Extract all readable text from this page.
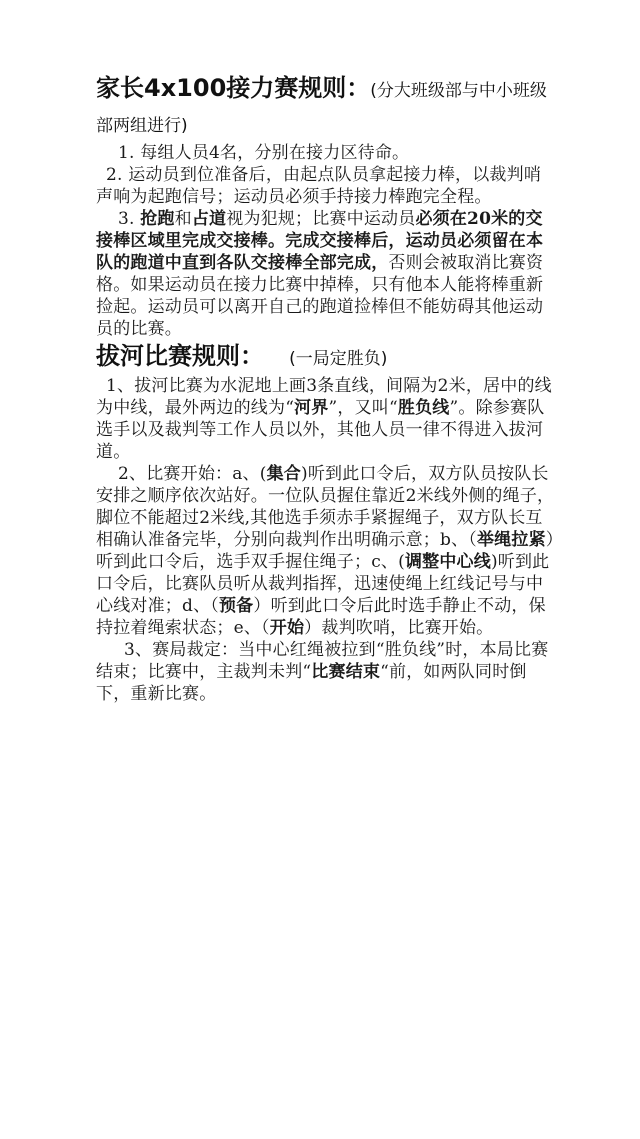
家长4x100接力赛规则：(分大班级部与中小班级部两组进行)

1. 每组人员4名，分别在接力区待命。

2. 运动员到位准备后，由起点队员拿起接力棒，以裁判哨声响为起跑信号；运动员必须手持接力棒跑完全程。

3. 抢跑和占道视为犯规；比赛中运动员必须在20米的交接棒区域里完成交接棒。完成交接棒后，运动员必须留在本队的跑道中直到各队交接棒全部完成，否则会被取消比赛资格。如果运动员在接力比赛中掉棒，只有他本人能将棒重新捡起。运动员可以离开自己的跑道捡棒但不能妨碍其他运动员的比赛。

拔河比赛规则： (一局定胜负)

1、拔河比赛为水泥地上画3条直线，间隔为2米，居中的线为中线，最外两边的线为“河界”，又叫“胜负线”。除参赛队选手以及裁判等工作人员以外，其他人员一律不得进入拔河道。

2、比赛开始：a、(集合)听到此口令后，双方队员按队长安排之顺序依次站好。一位队员握住靠近2米线外侧的绳子，脚位不能超过2米线,其他选手须赤手紧握绳子，双方队长互相确认准备完毕，分别向裁判作出明确示意；b、（举绳拉紧）听到此口令后，选手双手握住绳子；c、(调整中心线)听到此口令后，比赛队员听从裁判指挥，迅速使绳上红线记号与中心线对准；d、（预备）听到此口令后此时选手静止不动，保持拉着绳索状态；e、（开始）裁判吹哨，比赛开始。

3、赛局裁定：当中心红绳被拉到“胜负线”时，本局比赛结束；比赛中，主裁判未判“比赛结束“前，如两队同时倒下，重新比赛。
